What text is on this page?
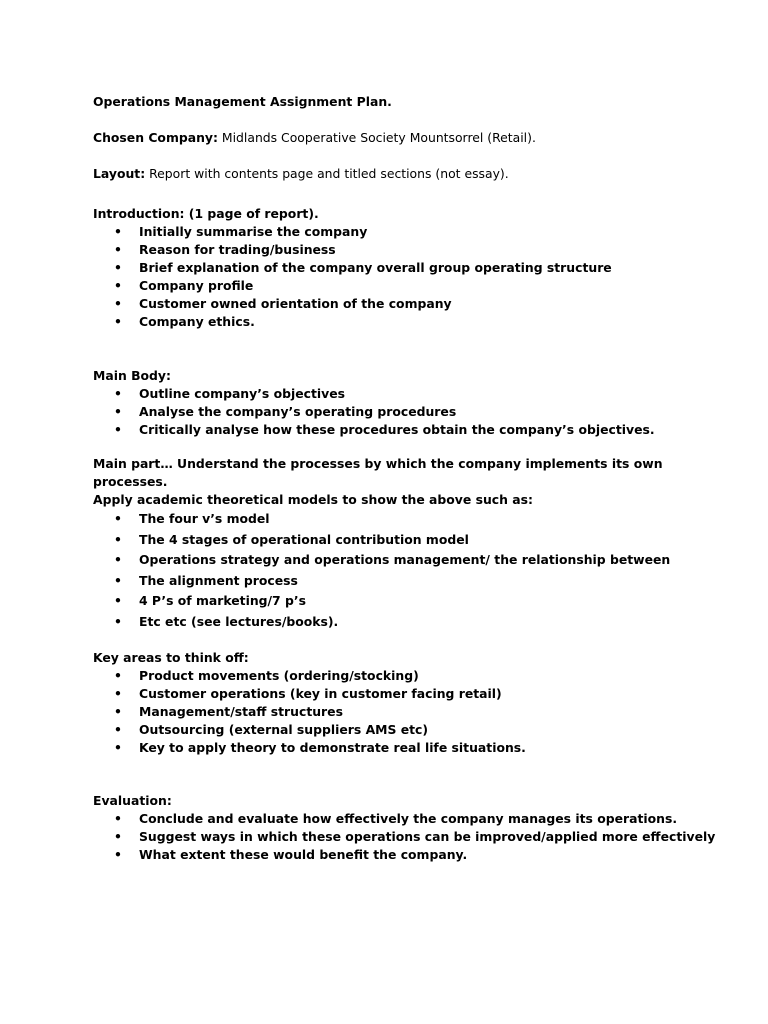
Operations Management Assignment Plan.
Chosen Company: Midlands Cooperative Society Mountsorrel (Retail).
Layout: Report with contents page and titled sections (not essay).
Introduction: (1 page of report).
• Initially summarise the company
• Reason for trading/business
• Brief explanation of the company overall group operating structure
• Company profile
• Customer owned orientation of the company
• Company ethics.
Main Body:
• Outline company’s objectives
• Analyse the company’s operating procedures
• Critically analyse how these procedures obtain the company’s objectives.
Main part… Understand the processes by which the company implements its own processes.
Apply academic theoretical models to show the above such as:
• The four v’s model
• The 4 stages of operational contribution model
• Operations strategy and operations management/ the relationship between
• The alignment process
• 4 P’s of marketing/7 p’s
• Etc etc (see lectures/books).
Key areas to think off:
• Product movements (ordering/stocking)
• Customer operations (key in customer facing retail)
• Management/staff structures
• Outsourcing (external suppliers AMS etc)
• Key to apply theory to demonstrate real life situations.
Evaluation:
• Conclude and evaluate how effectively the company manages its operations.
• Suggest ways in which these operations can be improved/applied more effectively
• What extent these would benefit the company.
